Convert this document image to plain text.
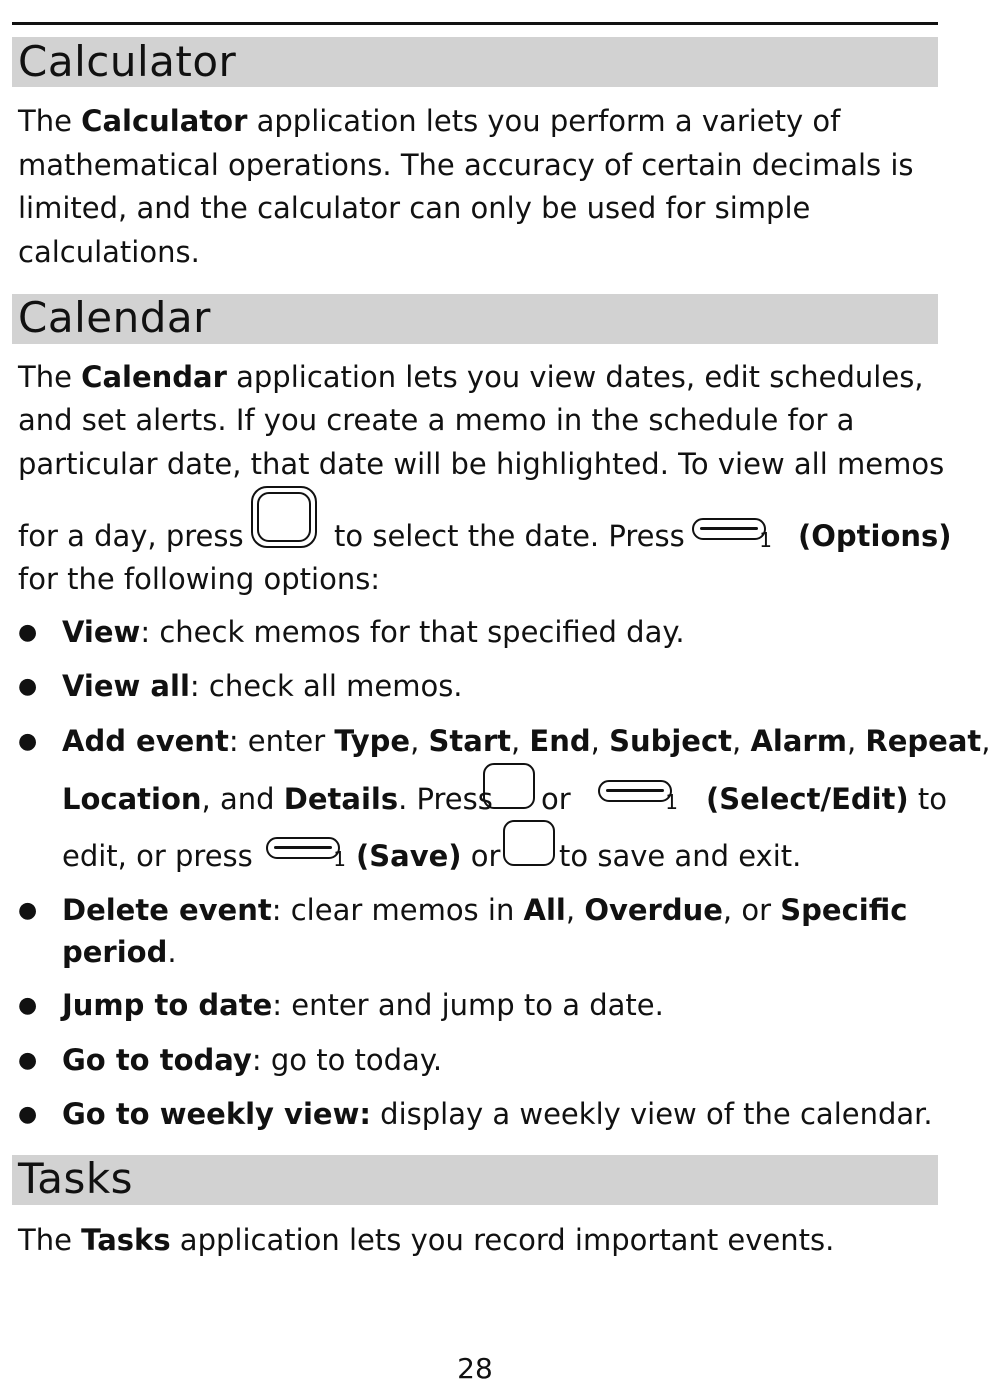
Calculator
The Calculator application lets you perform a variety of
mathematical operations. The accuracy of certain decimals is
limited, and the calculator can only be used for simple
calculations.
Calendar
The Calendar application lets you view dates, edit schedules,
and set alerts. If you create a memo in the schedule for a
particular date, that date will be highlighted. To view all memos
for a day, press	to select the date. Press	1 (Options)
for the following options:
● View: check memos for that specified day.
● View all: check all memos.
● Add event: enter Type, Start, End, Subject, Alarm, Repeat,
Location, and Details. Press or	1 (Select/Edit) to
edit, or press	1 (Save) or to save and exit.
● Delete event: clear memos in All, Overdue, or Specific
period.
● Jump to date: enter and jump to a date.
● Go to today: go to today.
● Go to weekly view: display a weekly view of the calendar.
Tasks
The Tasks application lets you record important events.
28
